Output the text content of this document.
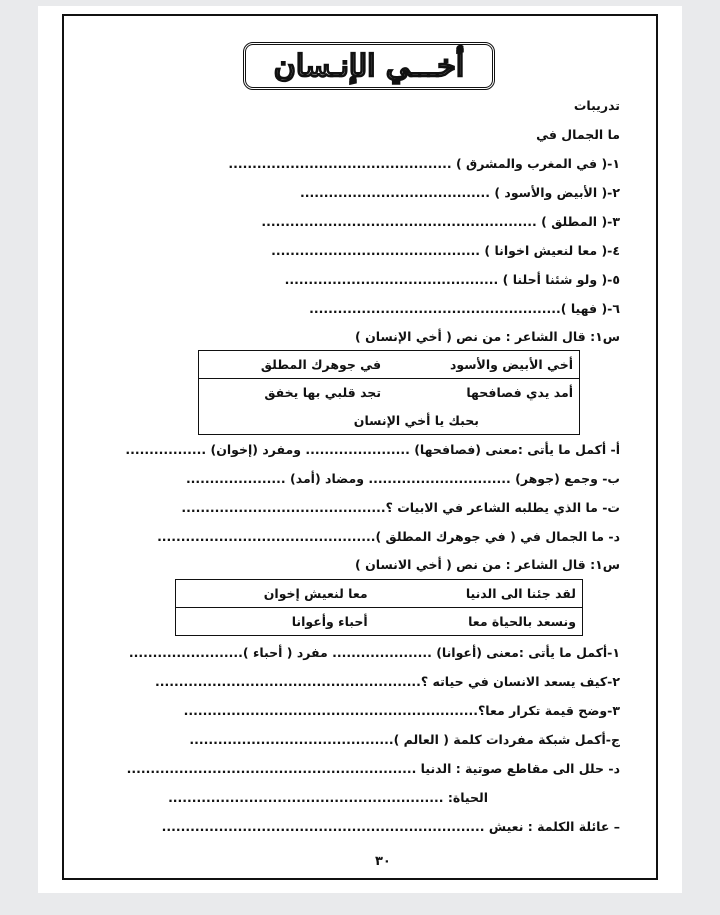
أخـــي الإنـسان
تدريبات
ما الجمال في
١-( في المغرب والمشرق ) ...............................................
٢-( الأبيض والأسود ) ........................................
٣-( المطلق ) ..........................................................
٤-( معا لنعيش اخوانا ) ............................................
٥-( ولو شئنا أحلنا ) .............................................
٦-( فهيا ).....................................................
س١: قال الشاعر : من نص ( أخي الإنسان )
أخي الأبيض والأسود	في جوهرك المطلق
أمد يدي فصافحها	تجد قلبي بها يخفق
بحبك يا أخي الإنسان	
أ- أكمل ما يأتى :معنى (فصافحها) ...................... ومفرد (إخوان) .................
ب- وجمع (جوهر) .............................. ومضاد (أمد) .....................
ت- ما الذي يطلبه الشاعر في الابيات ؟...........................................
د- ما الجمال في ( في جوهرك المطلق )..............................................
س١: قال الشاعر : من نص ( أخي الانسان )
لقد جئنا الى الدنيا	معا لنعيش إخوان
ونسعد بالحياة معا	أحباء وأعوانا
١-أكمل ما يأتى :معنى (أعوانا) ..................... مفرد ( أحباء )........................
٢-كيف يسعد الانسان في حياته ؟........................................................
٣-وضح قيمة تكرار معا؟..............................................................
ج-أكمل شبكة مفردات كلمة ( العالم )...........................................
د- حلل الى مقاطع صوتية : الدنيا .............................................................
الحياة: ..........................................................
– عائلة الكلمة : نعيش ....................................................................
٣٠
